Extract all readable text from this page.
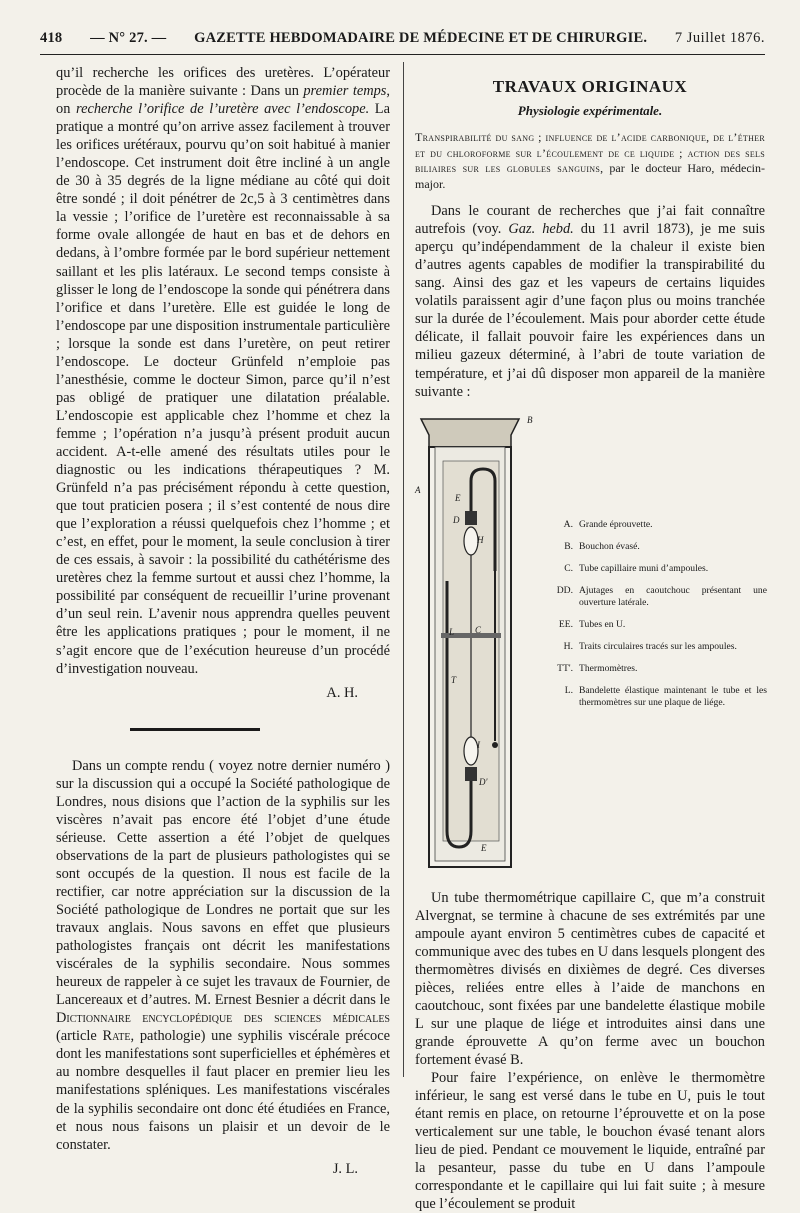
418 — N° 27. — GAZETTE HEBDOMADAIRE DE MÉDECINE ET DE CHIRURGIE. 7 Juillet 1876.

qu’il recherche les orifices des uretères. L’opérateur procède de la manière suivante : Dans un premier temps, on recherche l’orifice de l’uretère avec l’endoscope. La pratique a montré qu’on arrive assez facilement à trouver les orifices urétéraux, pourvu qu’on soit habitué à manier l’endoscope. Cet instrument doit être incliné à un angle de 30 à 35 degrés de la ligne médiane au côté qui doit être sondé ; il doit pénétrer de 2c,5 à 3 centimètres dans la vessie ; l’orifice de l’uretère est reconnaissable à sa forme ovale allongée de haut en bas et de dehors en dedans, à l’ombre formée par le bord supérieur nettement saillant et les plis latéraux. Le second temps consiste à glisser le long de l’endoscope la sonde qui pénétrera dans l’orifice et dans l’uretère. Elle est guidée le long de l’endoscope par une disposition instrumentale particulière ; lorsque la sonde est dans l’uretère, on peut retirer l’endoscope. Le docteur Grünfeld n’emploie pas l’anesthésie, comme le docteur Simon, parce qu’il n’est pas obligé de pratiquer une dilatation préalable. L’endoscopie est applicable chez l’homme et chez la femme ; l’opération n’a jusqu’à présent produit aucun accident. A-t-elle amené des résultats utiles pour le diagnostic ou les indications thérapeutiques ? M. Grünfeld n’a pas précisément répondu à cette question, que tout praticien posera ; il s’est contenté de nous dire que l’exploration a réussi quelquefois chez l’homme ; et c’est, en effet, pour le moment, la seule conclusion à tirer de ces essais, à savoir : la possibilité du cathétérisme des uretères chez la femme surtout et aussi chez l’homme, la possibilité par conséquent de recueillir l’urine provenant d’un seul rein. L’avenir nous apprendra quelles peuvent être les applications pratiques ; pour le moment, il ne s’agit encore que de l’exécution heureuse d’un procédé d’investigation nouveau.

A. H.

Dans un compte rendu ( voyez notre dernier numéro ) sur la discussion qui a occupé la Société pathologique de Londres, nous disions que l’action de la syphilis sur les viscères n’avait pas encore été l’objet d’une étude sérieuse. Cette assertion a été l’objet de quelques observations de la part de plusieurs pathologistes qui se sont occupés de la question. Il nous est facile de la rectifier, car notre appréciation sur la discussion de la Société pathologique de Londres ne portait que sur les travaux anglais. Nous savons en effet que plusieurs pathologistes français ont décrit les manifestations viscérales de la syphilis secondaire. Nous sommes heureux de rappeler à ce sujet les travaux de Fournier, de Lancereaux et d’autres. M. Ernest Besnier a décrit dans le Dictionnaire encyclopédique des sciences médicales (article Rate, pathologie) une syphilis viscérale précoce dont les manifestations sont superficielles et éphémères et au nombre desquelles il faut placer en premier lieu les manifestations spléniques. Les manifestations viscérales de la syphilis secondaire ont donc été étudiées en France, et nous nous faisons un plaisir et un devoir de le constater.

J. L.

TRAVAUX ORIGINAUX
Physiologie expérimentale.

Transpirabilité du sang ; influence de l’acide carbonique, de l’éther et du chloroforme sur l’écoulement de ce liquide ; action des sels biliaires sur les globules sanguins, par le docteur Haro, médecin-major.

Dans le courant de recherches que j’ai fait connaître autrefois (voy. Gaz. hebd. du 11 avril 1873), je me suis aperçu qu’indépendamment de la chaleur il existe bien d’autres agents capables de modifier la transpirabilité du sang. Ainsi des gaz et les vapeurs de certains liquides volatils paraissent agir d’une façon plus ou moins tranchée sur la durée de l’écoulement. Mais pour aborder cette étude délicate, il fallait pouvoir faire les expériences dans un milieu gazeux déterminé, à l’abri de toute variation de température, et j’ai dû disposer mon appareil de la manière suivante :

A
B
E
D
C
H
L
T
I
D'
E
A. Grande éprouvette.
B. Bouchon évasé.
C. Tube capillaire muni d’ampoules.
DD. Ajutages en caoutchouc présentant une ouverture latérale.
EE. Tubes en U.
H. Traits circulaires tracés sur les ampoules.
TT'. Thermomètres.
L. Bandelette élastique maintenant le tube et les thermomètres sur une plaque de liége.

Un tube thermométrique capillaire C, que m’a construit Alvergnat, se termine à chacune de ses extrémités par une ampoule ayant environ 5 centimètres cubes de capacité et communique avec des tubes en U dans lesquels plongent des thermomètres divisés en dixièmes de degré. Ces diverses pièces, reliées entre elles à l’aide de manchons en caoutchouc, sont fixées par une bandelette élastique mobile L sur une plaque de liége et introduites ainsi dans une grande éprouvette A qu’on ferme avec un bouchon fortement évasé B.

Pour faire l’expérience, on enlève le thermomètre inférieur, le sang est versé dans le tube en U, puis le tout étant remis en place, on retourne l’éprouvette et on la pose verticalement sur une table, le bouchon évasé tenant alors lieu de pied. Pendant ce mouvement le liquide, entraîné par la pesanteur, passe du tube en U dans l’ampoule correspondante et le capillaire qui lui fait suite ; à mesure que l’écoulement se produit
